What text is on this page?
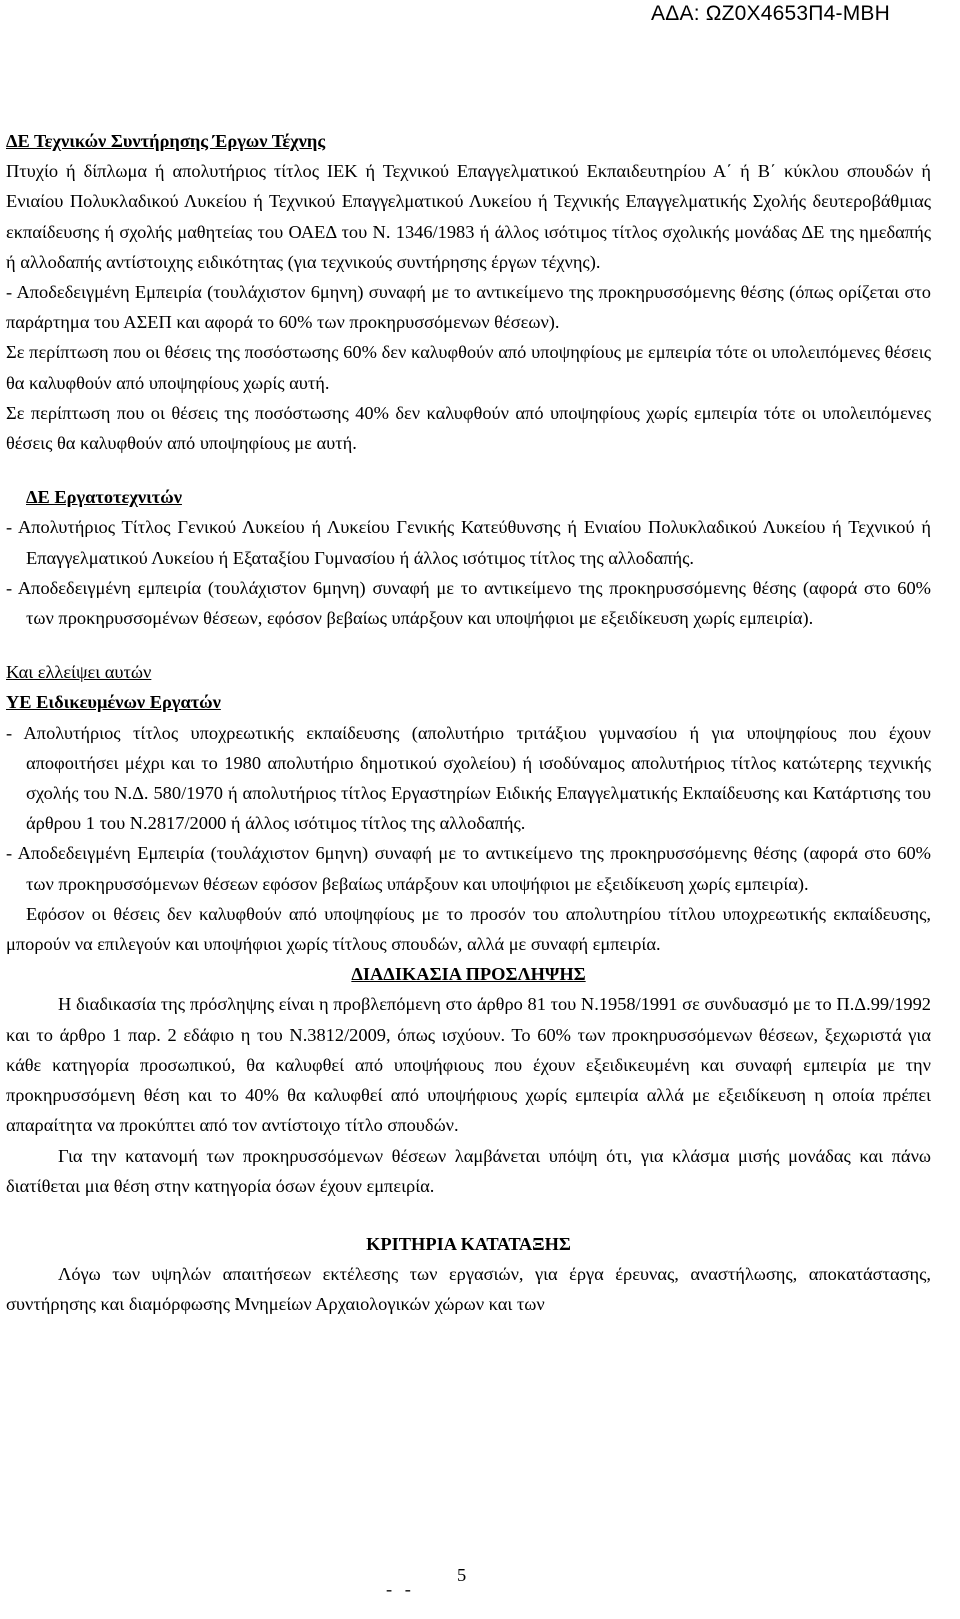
ΑΔΑ: ΩΖ0Χ4653Π4-ΜΒΗ

ΔΕ Τεχνικών Συντήρησης Έργων Τέχνης

Πτυχίο ή δίπλωμα ή απολυτήριος τίτλος ΙΕΚ ή Τεχνικού Επαγγελματικού Εκπαιδευτηρίου Α΄ ή Β΄ κύκλου σπουδών ή Ενιαίου Πολυκλαδικού Λυκείου ή Τεχνικού Επαγγελματικού Λυκείου ή Τεχνικής Επαγγελματικής Σχολής δευτεροβάθμιας εκπαίδευσης ή σχολής μαθητείας του ΟΑΕΔ του Ν. 1346/1983 ή άλλος ισότιμος τίτλος σχολικής μονάδας ΔΕ της ημεδαπής ή αλλοδαπής αντίστοιχης ειδικότητας (για τεχνικούς συντήρησης έργων τέχνης).

- Αποδεδειγμένη Εμπειρία (τουλάχιστον 6μηνη) συναφή με το αντικείμενο της προκηρυσσόμενης θέσης (όπως ορίζεται στο παράρτημα του ΑΣΕΠ και αφορά το 60% των προκηρυσσόμενων θέσεων).

Σε περίπτωση που οι θέσεις της ποσόστωσης 60% δεν καλυφθούν από υποψηφίους με εμπειρία τότε οι υπολειπόμενες θέσεις θα καλυφθούν από υποψηφίους χωρίς αυτή.

Σε περίπτωση που οι θέσεις της ποσόστωσης 40% δεν καλυφθούν από υποψηφίους χωρίς εμπειρία τότε οι υπολειπόμενες θέσεις θα καλυφθούν από υποψηφίους με αυτή.

ΔΕ Εργατοτεχνιτών

- Απολυτήριος Τίτλος Γενικού Λυκείου ή Λυκείου Γενικής Κατεύθυνσης ή Ενιαίου Πολυκλαδικού Λυκείου ή Τεχνικού ή Επαγγελματικού Λυκείου ή Εξαταξίου Γυμνασίου ή άλλος ισότιμος τίτλος της αλλοδαπής.

- Αποδεδειγμένη εμπειρία (τουλάχιστον 6μηνη) συναφή με το αντικείμενο της προκηρυσσόμενης θέσης (αφορά στο 60% των προκηρυσσομένων θέσεων, εφόσον βεβαίως υπάρξουν και υποψήφιοι με εξειδίκευση χωρίς εμπειρία).

Και ελλείψει αυτών

ΥΕ Ειδικευμένων Εργατών

- Απολυτήριος τίτλος υποχρεωτικής εκπαίδευσης (απολυτήριο τριτάξιου γυμνασίου ή για υποψηφίους που έχουν αποφοιτήσει μέχρι και το 1980 απολυτήριο δημοτικού σχολείου) ή ισοδύναμος απολυτήριος τίτλος κατώτερης τεχνικής σχολής του Ν.Δ. 580/1970 ή απολυτήριος τίτλος Εργαστηρίων Ειδικής Επαγγελματικής Εκπαίδευσης και Κατάρτισης του άρθρου 1 του Ν.2817/2000 ή άλλος ισότιμος τίτλος της αλλοδαπής.

- Αποδεδειγμένη Εμπειρία (τουλάχιστον 6μηνη) συναφή με το αντικείμενο της προκηρυσσόμενης θέσης (αφορά στο 60% των προκηρυσσόμενων θέσεων εφόσον βεβαίως υπάρξουν και υποψήφιοι με εξειδίκευση χωρίς εμπειρία).

Εφόσον οι θέσεις δεν καλυφθούν από υποψηφίους με το προσόν του απολυτηρίου τίτλου υποχρεωτικής εκπαίδευσης, μπορούν να επιλεγούν και υποψήφιοι χωρίς τίτλους σπουδών, αλλά με συναφή εμπειρία.

ΔΙΑΔΙΚΑΣΙΑ ΠΡΟΣΛΗΨΗΣ

Η διαδικασία της πρόσληψης είναι η προβλεπόμενη στο άρθρο 81 του Ν.1958/1991 σε συνδυασμό με το Π.Δ.99/1992 και το άρθρο 1 παρ. 2 εδάφιο η του Ν.3812/2009, όπως ισχύουν. Το 60% των προκηρυσσόμενων θέσεων, ξεχωριστά για κάθε κατηγορία προσωπικού, θα καλυφθεί από υποψήφιους που έχουν εξειδικευμένη και συναφή εμπειρία με την προκηρυσσόμενη θέση και το 40% θα καλυφθεί από υποψήφιους χωρίς εμπειρία αλλά με εξειδίκευση η οποία πρέπει απαραίτητα να προκύπτει από τον αντίστοιχο τίτλο σπουδών.

Για την κατανομή των προκηρυσσόμενων θέσεων λαμβάνεται υπόψη ότι, για κλάσμα μισής μονάδας και πάνω διατίθεται μια θέση στην κατηγορία όσων έχουν εμπειρία.

ΚΡΙΤΗΡΙΑ ΚΑΤΑΤΑΞΗΣ

Λόγω των υψηλών απαιτήσεων εκτέλεσης των εργασιών, για έργα έρευνας, αναστήλωσης, αποκατάστασης, συντήρησης και διαμόρφωσης Μνημείων Αρχαιολογικών χώρων και των

- -
5
